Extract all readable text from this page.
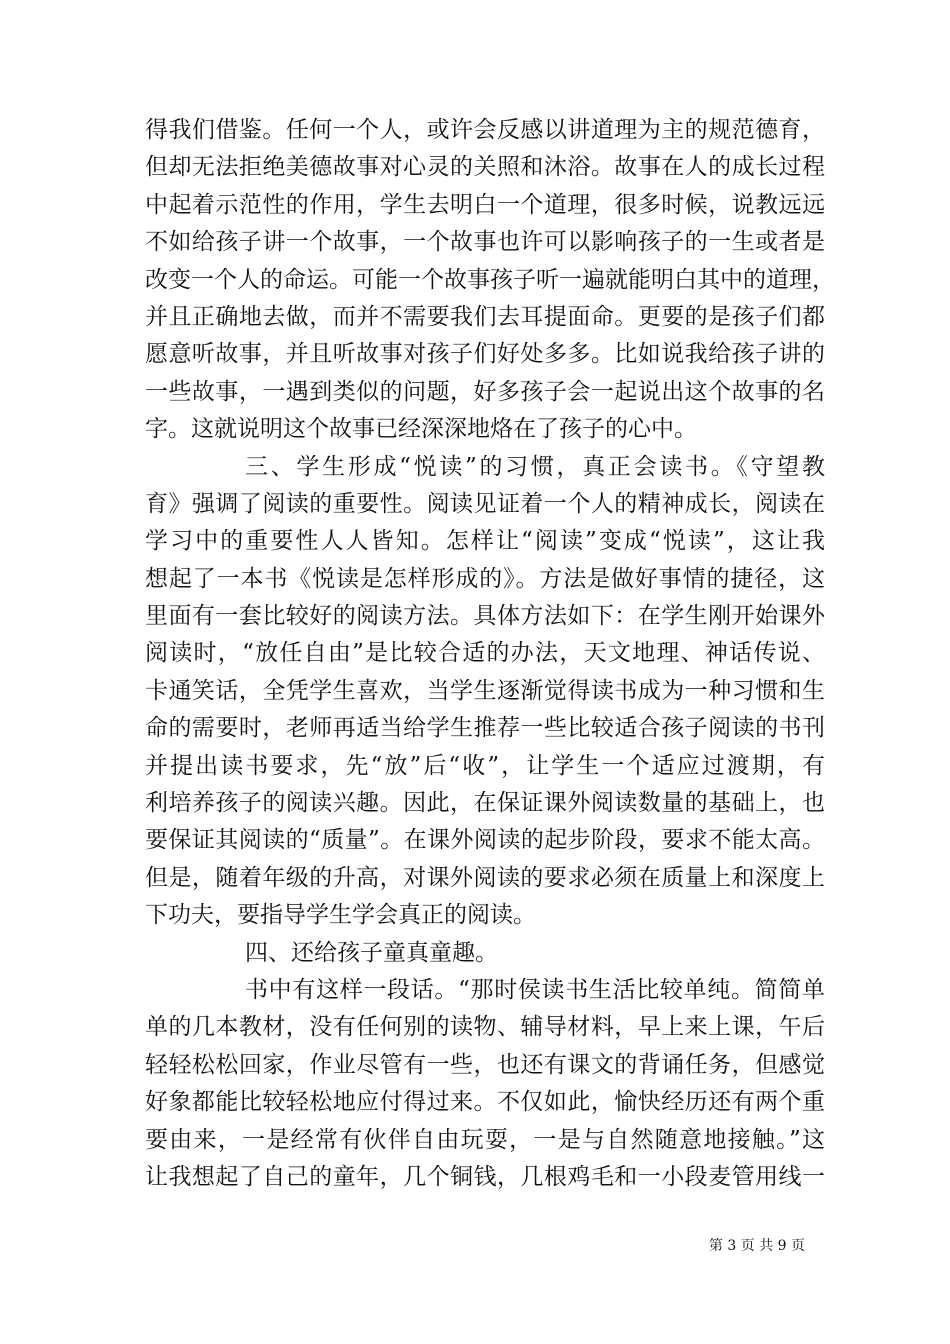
得我们借鉴。任何一个人，或许会反感以讲道理为主的规范德育，
但却无法拒绝美德故事对心灵的关照和沐浴。故事在人的成长过程
中起着示范性的作用，学生去明白一个道理，很多时候，说教远远
不如给孩子讲一个故事，一个故事也许可以影响孩子的一生或者是
改变一个人的命运。可能一个故事孩子听一遍就能明白其中的道理，
并且正确地去做，而并不需要我们去耳提面命。更要的是孩子们都
愿意听故事，并且听故事对孩子们好处多多。比如说我给孩子讲的
一些故事，一遇到类似的问题，好多孩子会一起说出这个故事的名
字。这就说明这个故事已经深深地烙在了孩子的心中。
三、学生形成“悦读”的习惯，真正会读书。《守望教
育》强调了阅读的重要性。阅读见证着一个人的精神成长，阅读在
学习中的重要性人人皆知。怎样让“阅读”变成“悦读”，这让我
想起了一本书《悦读是怎样形成的》。方法是做好事情的捷径，这
里面有一套比较好的阅读方法。具体方法如下：在学生刚开始课外
阅读时，“放任自由”是比较合适的办法，天文地理、神话传说、
卡通笑话，全凭学生喜欢，当学生逐渐觉得读书成为一种习惯和生
命的需要时，老师再适当给学生推荐一些比较适合孩子阅读的书刊
并提出读书要求，先“放”后“收”，让学生一个适应过渡期，有
利培养孩子的阅读兴趣。因此，在保证课外阅读数量的基础上，也
要保证其阅读的“质量”。在课外阅读的起步阶段，要求不能太高。
但是，随着年级的升高，对课外阅读的要求必须在质量上和深度上
下功夫，要指导学生学会真正的阅读。
四、还给孩子童真童趣。
书中有这样一段话。“那时侯读书生活比较单纯。简简单
单的几本教材，没有任何别的读物、辅导材料，早上来上课，午后
轻轻松松回家，作业尽管有一些，也还有课文的背诵任务，但感觉
好象都能比较轻松地应付得过来。不仅如此，愉快经历还有两个重
要由来，一是经常有伙伴自由玩耍，一是与自然随意地接触。”这
让我想起了自己的童年，几个铜钱，几根鸡毛和一小段麦管用线一
第 3 页 共 9 页
